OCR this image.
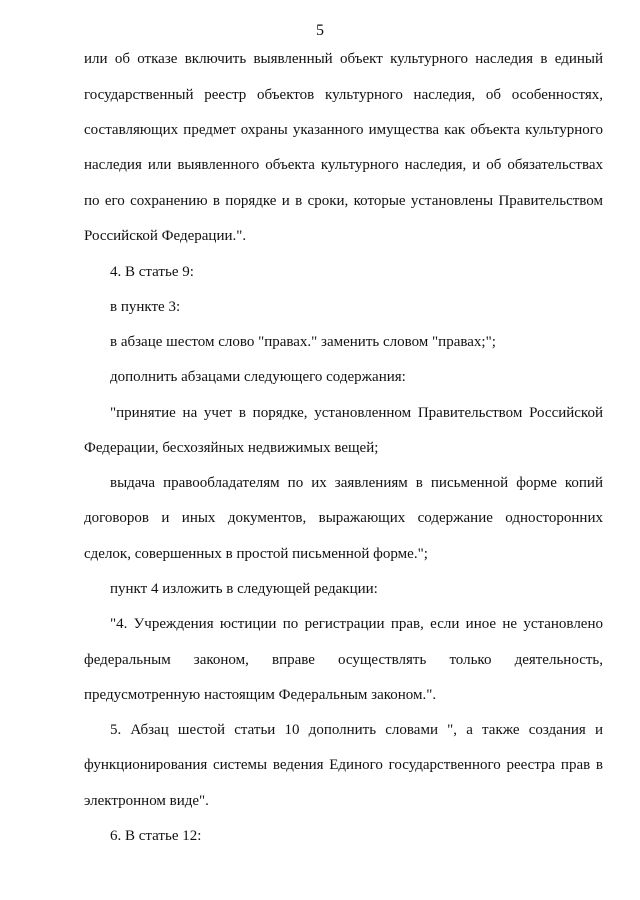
5
или об отказе включить выявленный объект культурного наследия в единый
государственный реестр объектов культурного наследия, об особенностях,
составляющих предмет охраны указанного имущества как объекта культурного
наследия или выявленного объекта культурного наследия, и об обязательствах
по его сохранению в порядке и в сроки, которые установлены Правительством
Российской Федерации.".
4. В статье 9:
в пункте 3:
в абзаце шестом слово "правах." заменить словом "правах;";
дополнить абзацами следующего содержания:
"принятие на учет в порядке, установленном Правительством Российской
Федерации, бесхозяйных недвижимых вещей;
выдача правообладателям по их заявлениям в письменной форме копий
договоров и иных документов, выражающих содержание односторонних
сделок, совершенных в простой письменной форме.";
пункт 4 изложить в следующей редакции:
"4. Учреждения юстиции по регистрации прав, если иное не установлено
федеральным законом, вправе осуществлять только деятельность,
предусмотренную настоящим Федеральным законом.".
5. Абзац шестой статьи 10 дополнить словами ", а также создания и
функционирования системы ведения Единого государственного реестра прав в
электронном виде".
6. В статье 12:
